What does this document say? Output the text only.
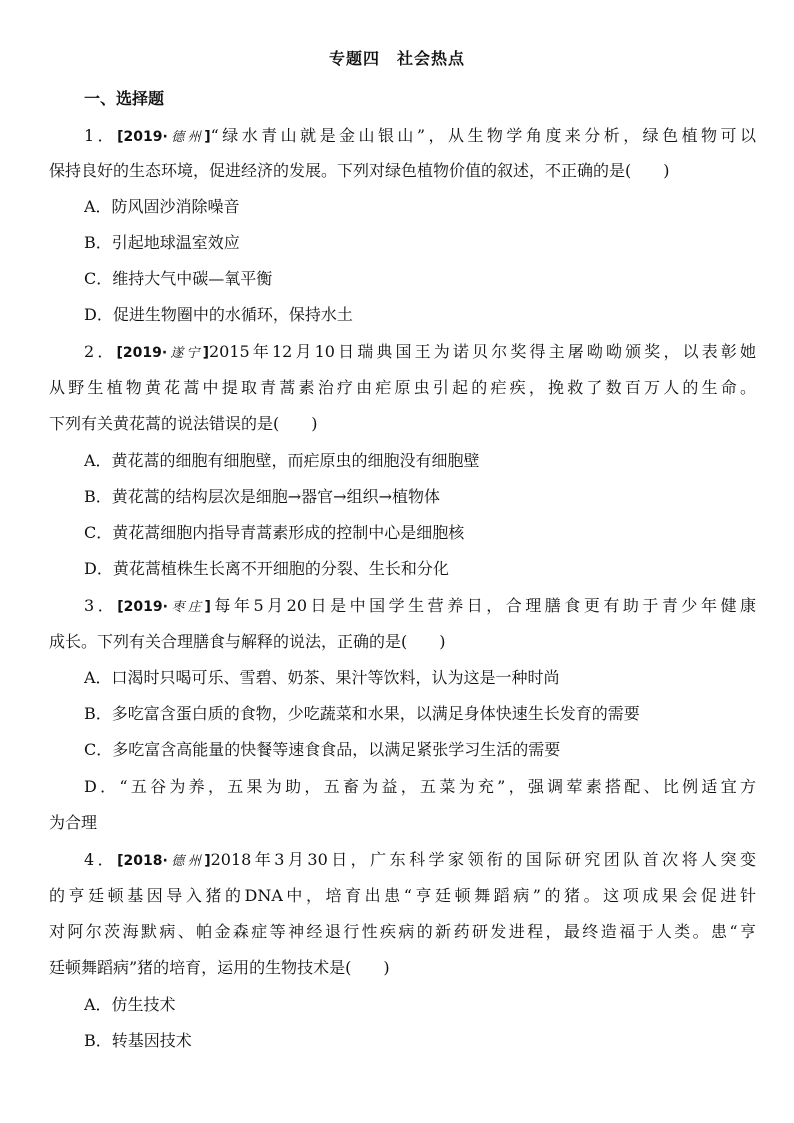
专题四　社会热点
一、选择题
1．[2019·德州]“绿水青山就是金山银山”，从生物学角度来分析，绿色植物可以
保持良好的生态环境，促进经济的发展。下列对绿色植物价值的叙述，不正确的是(　　)
A．防风固沙消除噪音
B．引起地球温室效应
C．维持大气中碳—氧平衡
D．促进生物圈中的水循环，保持水土
2．[2019·遂宁]2015年12月10日瑞典国王为诺贝尔奖得主屠呦呦颁奖，以表彰她
从野生植物黄花蒿中提取青蒿素治疗由疟原虫引起的疟疾，挽救了数百万人的生命。
下列有关黄花蒿的说法错误的是(　　)
A．黄花蒿的细胞有细胞壁，而疟原虫的细胞没有细胞壁
B．黄花蒿的结构层次是细胞→器官→组织→植物体
C．黄花蒿细胞内指导青蒿素形成的控制中心是细胞核
D．黄花蒿植株生长离不开细胞的分裂、生长和分化
3．[2019·枣庄]每年5月20日是中国学生营养日，合理膳食更有助于青少年健康
成长。下列有关合理膳食与解释的说法，正确的是(　　)
A．口渴时只喝可乐、雪碧、奶茶、果汁等饮料，认为这是一种时尚
B．多吃富含蛋白质的食物，少吃蔬菜和水果，以满足身体快速生长发育的需要
C．多吃富含高能量的快餐等速食食品，以满足紧张学习生活的需要
D．“五谷为养，五果为助，五畜为益，五菜为充”，强调荤素搭配、比例适宜方
为合理
4．[2018·德州]2018年3月30日，广东科学家领衔的国际研究团队首次将人突变
的亨廷顿基因导入猪的DNA中，培育出患“亨廷顿舞蹈病”的猪。这项成果会促进针
对阿尔茨海默病、帕金森症等神经退行性疾病的新药研发进程，最终造福于人类。患“亨
廷顿舞蹈病”猪的培育，运用的生物技术是(　　)
A．仿生技术
B．转基因技术
